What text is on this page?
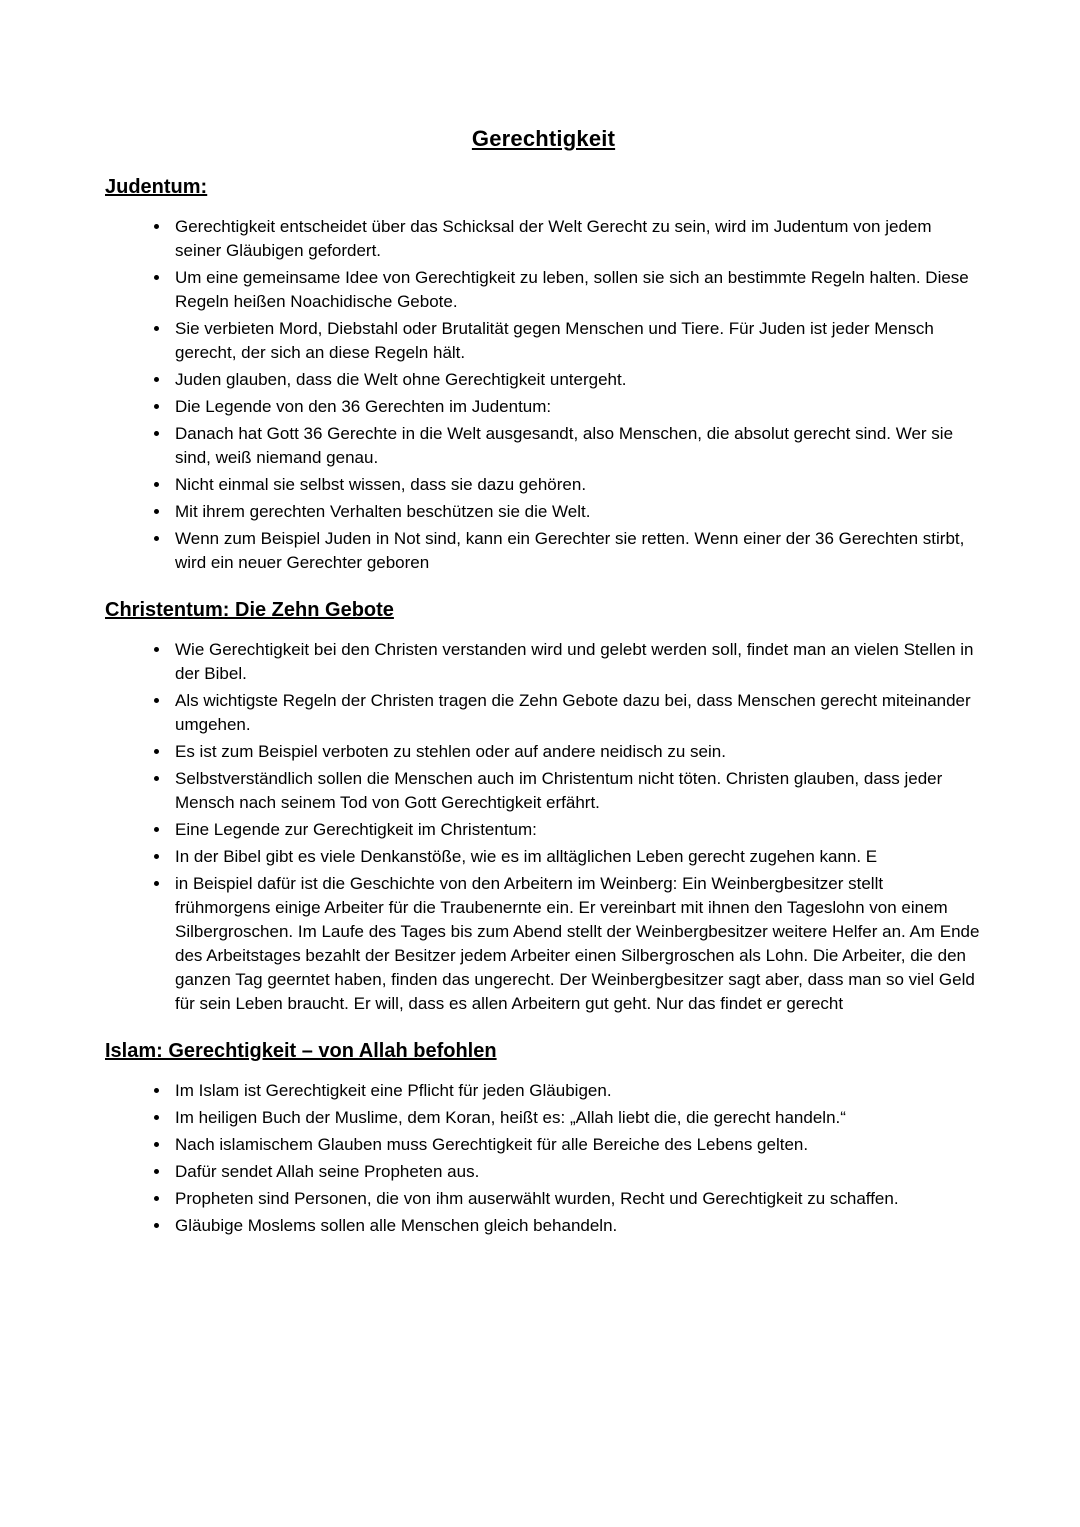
Gerechtigkeit
Judentum:
• Gerechtigkeit entscheidet über das Schicksal der Welt Gerecht zu sein, wird im Judentum von jedem seiner Gläubigen gefordert.
• Um eine gemeinsame Idee von Gerechtigkeit zu leben, sollen sie sich an bestimmte Regeln halten. Diese Regeln heißen Noachidische Gebote.
• Sie verbieten Mord, Diebstahl oder Brutalität gegen Menschen und Tiere. Für Juden ist jeder Mensch gerecht, der sich an diese Regeln hält.
• Juden glauben, dass die Welt ohne Gerechtigkeit untergeht.
• Die Legende von den 36 Gerechten im Judentum:
• Danach hat Gott 36 Gerechte in die Welt ausgesandt, also Menschen, die absolut gerecht sind. Wer sie sind, weiß niemand genau.
• Nicht einmal sie selbst wissen, dass sie dazu gehören.
• Mit ihrem gerechten Verhalten beschützen sie die Welt.
• Wenn zum Beispiel Juden in Not sind, kann ein Gerechter sie retten. Wenn einer der 36 Gerechten stirbt, wird ein neuer Gerechter geboren
Christentum: Die Zehn Gebote
• Wie Gerechtigkeit bei den Christen verstanden wird und gelebt werden soll, findet man an vielen Stellen in der Bibel.
• Als wichtigste Regeln der Christen tragen die Zehn Gebote dazu bei, dass Menschen gerecht miteinander umgehen.
• Es ist zum Beispiel verboten zu stehlen oder auf andere neidisch zu sein.
• Selbstverständlich sollen die Menschen auch im Christentum nicht töten. Christen glauben, dass jeder Mensch nach seinem Tod von Gott Gerechtigkeit erfährt.
• Eine Legende zur Gerechtigkeit im Christentum:
• In der Bibel gibt es viele Denkanstöße, wie es im alltäglichen Leben gerecht zugehen kann. E
• in Beispiel dafür ist die Geschichte von den Arbeitern im Weinberg: Ein Weinbergbesitzer stellt frühmorgens einige Arbeiter für die Traubenernte ein. Er vereinbart mit ihnen den Tageslohn von einem Silbergroschen. Im Laufe des Tages bis zum Abend stellt der Weinbergbesitzer weitere Helfer an. Am Ende des Arbeitstages bezahlt der Besitzer jedem Arbeiter einen Silbergroschen als Lohn. Die Arbeiter, die den ganzen Tag geerntet haben, finden das ungerecht. Der Weinbergbesitzer sagt aber, dass man so viel Geld für sein Leben braucht. Er will, dass es allen Arbeitern gut geht. Nur das findet er gerecht
Islam: Gerechtigkeit – von Allah befohlen
• Im Islam ist Gerechtigkeit eine Pflicht für jeden Gläubigen.
• Im heiligen Buch der Muslime, dem Koran, heißt es: „Allah liebt die, die gerecht handeln.“
• Nach islamischem Glauben muss Gerechtigkeit für alle Bereiche des Lebens gelten.
• Dafür sendet Allah seine Propheten aus.
• Propheten sind Personen, die von ihm auserwählt wurden, Recht und Gerechtigkeit zu schaffen.
• Gläubige Moslems sollen alle Menschen gleich behandeln.
